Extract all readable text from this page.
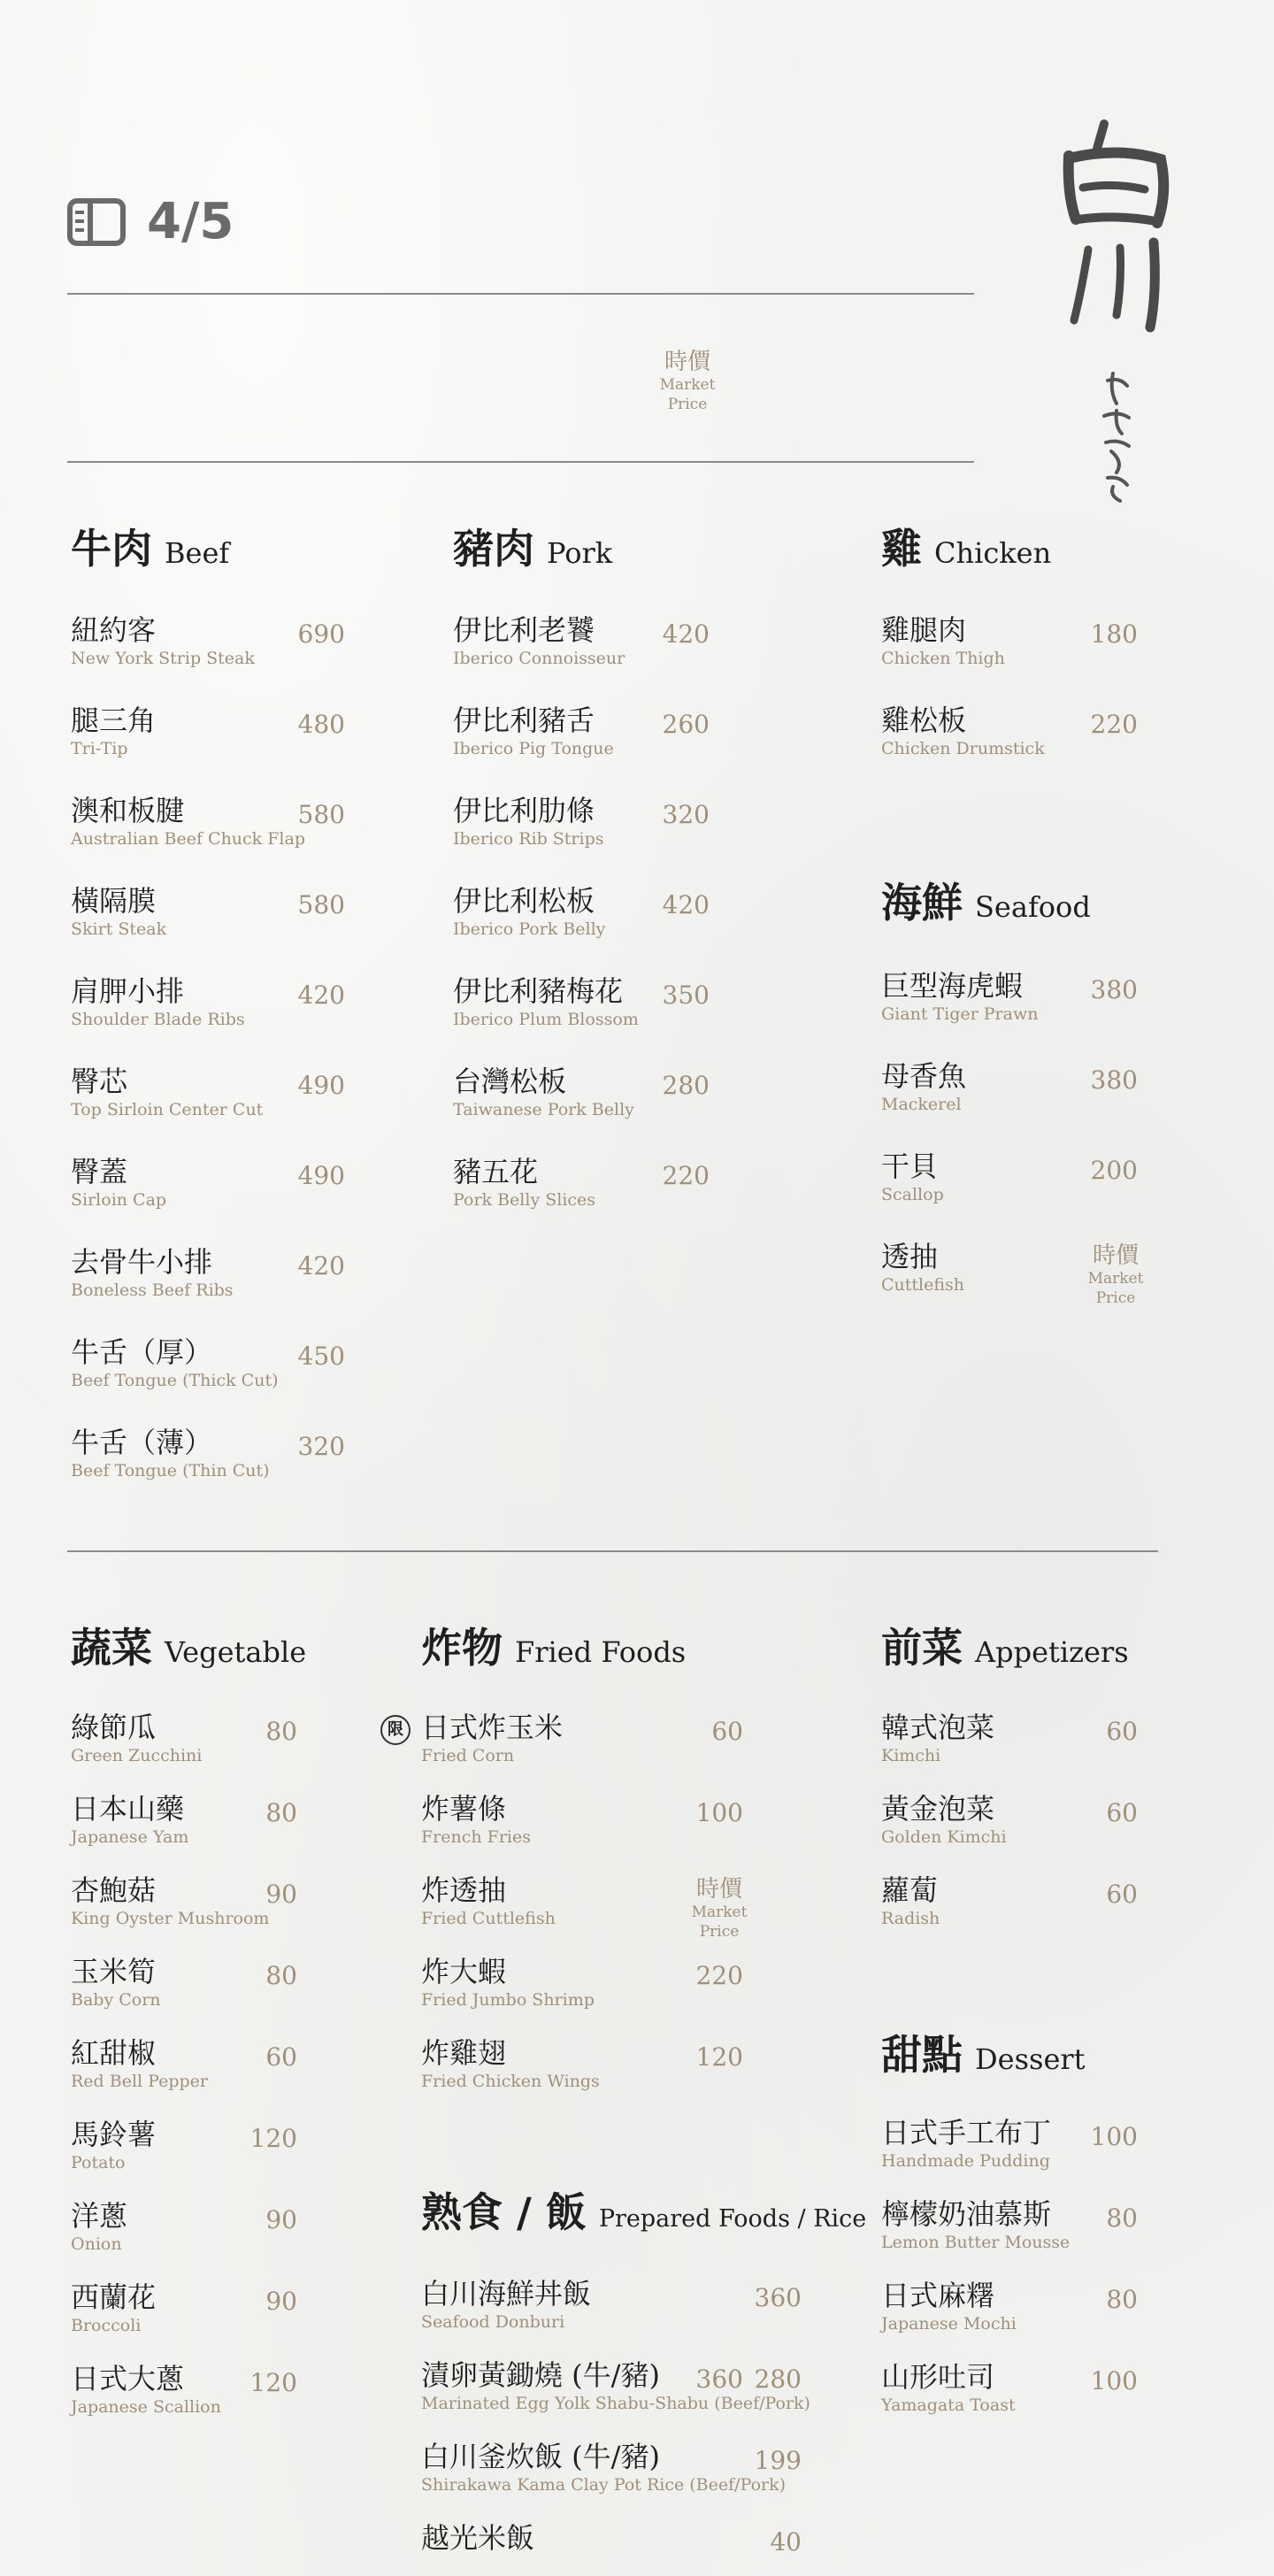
4/5
時價
Market Price
牛肉 Beef
紐約客
New York Strip Steak
690
腿三角
Tri-Tip
480
澳和板腱
Australian Beef Chuck Flap
580
橫隔膜
Skirt Steak
580
肩胛小排
Shoulder Blade Ribs
420
臀芯
Top Sirloin Center Cut
490
臀蓋
Sirloin Cap
490
去骨牛小排
Boneless Beef Ribs
420
牛舌（厚）
Beef Tongue (Thick Cut)
450
牛舌（薄）
Beef Tongue (Thin Cut)
320
豬肉 Pork
伊比利老饕
Iberico Connoisseur
420
伊比利豬舌
Iberico Pig Tongue
260
伊比利肋條
Iberico Rib Strips
320
伊比利松板
Iberico Pork Belly
420
伊比利豬梅花
Iberico Plum Blossom
350
台灣松板
Taiwanese Pork Belly
280
豬五花
Pork Belly Slices
220
雞 Chicken
雞腿肉
Chicken Thigh
180
雞松板
Chicken Drumstick
220
海鮮 Seafood
巨型海虎蝦
Giant Tiger Prawn
380
母香魚
Mackerel
380
干貝
Scallop
200
透抽
Cuttlefish
時價
Market Price
蔬菜 Vegetable
綠節瓜
Green Zucchini
80
日本山藥
Japanese Yam
80
杏鮑菇
King Oyster Mushroom
90
玉米筍
Baby Corn
80
紅甜椒
Red Bell Pepper
60
馬鈴薯
Potato
120
洋蔥
Onion
90
西蘭花
Broccoli
90
日式大蔥
Japanese Scallion
120
炸物 Fried Foods
限 日式炸玉米
Fried Corn
60
炸薯條
French Fries
100
炸透抽
Fried Cuttlefish
時價
Market Price
炸大蝦
Fried Jumbo Shrimp
220
炸雞翅
Fried Chicken Wings
120
熟食 / 飯 Prepared Foods / Rice
白川海鮮丼飯
Seafood Donburi
360
漬卵黃鋤燒 (牛/豬)
Marinated Egg Yolk Shabu-Shabu (Beef/Pork)
360 280
白川釜炊飯 (牛/豬)
Shirakawa Kama Clay Pot Rice (Beef/Pork)
199
越光米飯	40
前菜 Appetizers
韓式泡菜
Kimchi
60
黃金泡菜
Golden Kimchi
60
蘿蔔
Radish
60
甜點 Dessert
日式手工布丁
Handmade Pudding
100
檸檬奶油慕斯
Lemon Butter Mousse
80
日式麻糬
Japanese Mochi
80
山形吐司
Yamagata Toast
100
